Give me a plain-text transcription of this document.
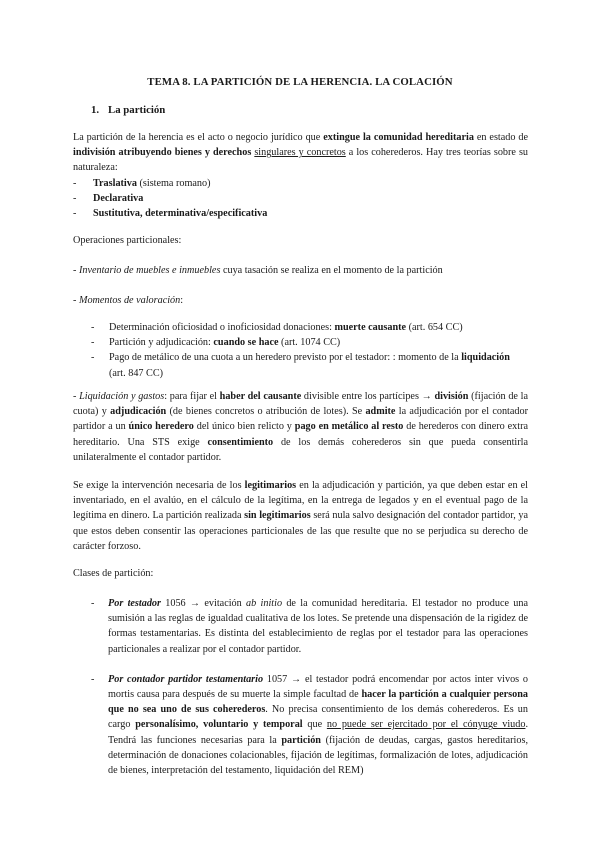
TEMA 8. LA PARTICIÓN DE LA HERENCIA. LA COLACIÓN
1. La partición

La partición de la herencia es el acto o negocio jurídico que extingue la comunidad hereditaria en estado de indivisión atribuyendo bienes y derechos singulares y concretos a los coherederos. Hay tres teorías sobre su naturaleza:

- Traslativa (sistema romano)
- Declarativa
- Sustitutiva, determinativa/especificativa
Operaciones particionales:
- Inventario de muebles e inmuebles cuya tasación se realiza en el momento de la partición
- Momentos de valoración:
- Determinación oficiosidad o inoficiosidad donaciones: muerte causante (art. 654 CC)
- Partición y adjudicación: cuando se hace (art. 1074 CC)
- Pago de metálico de una cuota a un heredero previsto por el testador: : momento de la liquidación (art. 847 CC)

- Liquidación y gastos: para fijar el haber del causante divisible entre los partícipes → división (fijación de la cuota) y adjudicación (de bienes concretos o atribución de lotes). Se admite la adjudicación por el contador partidor a un único heredero del único bien relicto y pago en metálico al resto de herederos con dinero extra hereditario. Una STS exige consentimiento de los demás coherederos sin que pueda consentirla unilateralmente el contador partidor.

Se exige la intervención necesaria de los legitimarios en la adjudicación y partición, ya que deben estar en el inventariado, en el avalúo, en el cálculo de la legítima, en la entrega de legados y en el eventual pago de la legítima en dinero. La partición realizada sin legitimarios será nula salvo designación del contador partidor, ya que estos deben consentir las operaciones particionales de las que resulte que no se perjudica su derecho de carácter forzoso.

Clases de partición:
- Por testador 1056 → evitación ab initio de la comunidad hereditaria. El testador no produce una sumisión a las reglas de igualdad cualitativa de los lotes. Se pretende una dispensación de la rigidez de formas testamentarias. Es distinta del establecimiento de reglas por el testador para las operaciones particionales a realizar por el contador partidor.
- Por contador partidor testamentario 1057 → el testador podrá encomendar por actos inter vivos o mortis causa para después de su muerte la simple facultad de hacer la partición a cualquier persona que no sea uno de sus coherederos. No precisa consentimiento de los demás coherederos. Es un cargo personalísimo, voluntario y temporal que no puede ser ejercitado por el cónyuge viudo. Tendrá las funciones necesarias para la partición (fijación de deudas, cargas, gastos hereditarios, determinación de donaciones colacionables, fijación de legítimas, formalización de lotes, adjudicación de bienes, interpretación del testamento, liquidación del REM)
